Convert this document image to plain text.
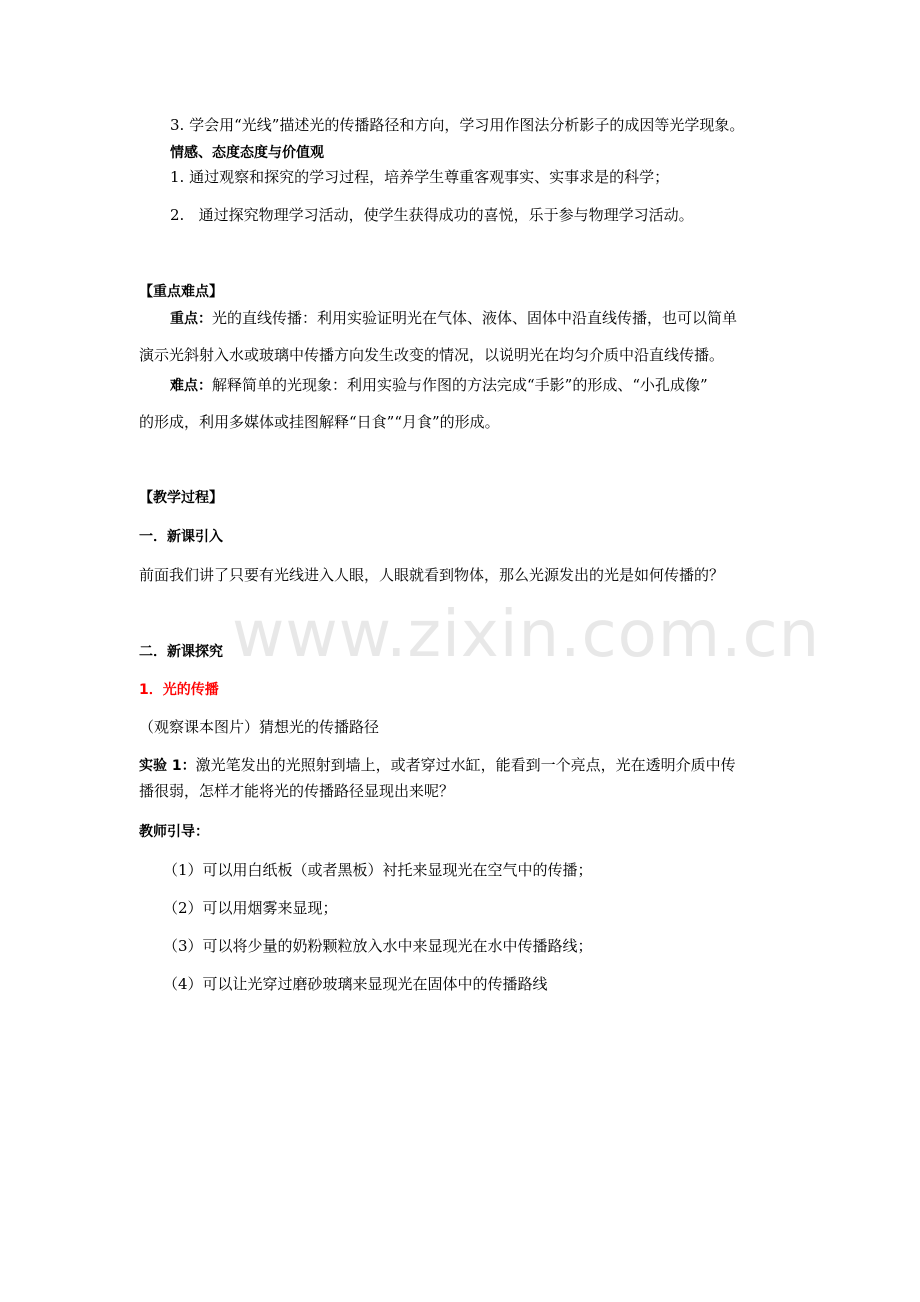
3. 学会用“光线”描述光的传播路径和方向，学习用作图法分析影子的成因等光学现象。
情感、态度态度与价值观
1. 通过观察和探究的学习过程，培养学生尊重客观事实、实事求是的科学；
2.   通过探究物理学习活动，使学生获得成功的喜悦，乐于参与物理学习活动。
【重点难点】
重点：光的直线传播：利用实验证明光在气体、液体、固体中沿直线传播，也可以简单
演示光斜射入水或玻璃中传播方向发生改变的情况，以说明光在均匀介质中沿直线传播。
难点：解释简单的光现象：利用实验与作图的方法完成“手影”的形成、“小孔成像”
的形成，利用多媒体或挂图解释“日食”“月食”的形成。
【教学过程】
一．新课引入
前面我们讲了只要有光线进入人眼，人眼就看到物体，那么光源发出的光是如何传播的？
www.zixin.com.cn
二．新课探究
1．光的传播
（观察课本图片）猜想光的传播路径
实验 1：激光笔发出的光照射到墙上，或者穿过水缸，能看到一个亮点，光在透明介质中传
播很弱，怎样才能将光的传播路径显现出来呢？
教师引导：
（1）可以用白纸板（或者黑板）衬托来显现光在空气中的传播；
（2）可以用烟雾来显现；
（3）可以将少量的奶粉颗粒放入水中来显现光在水中传播路线；
（4）可以让光穿过磨砂玻璃来显现光在固体中的传播路线
